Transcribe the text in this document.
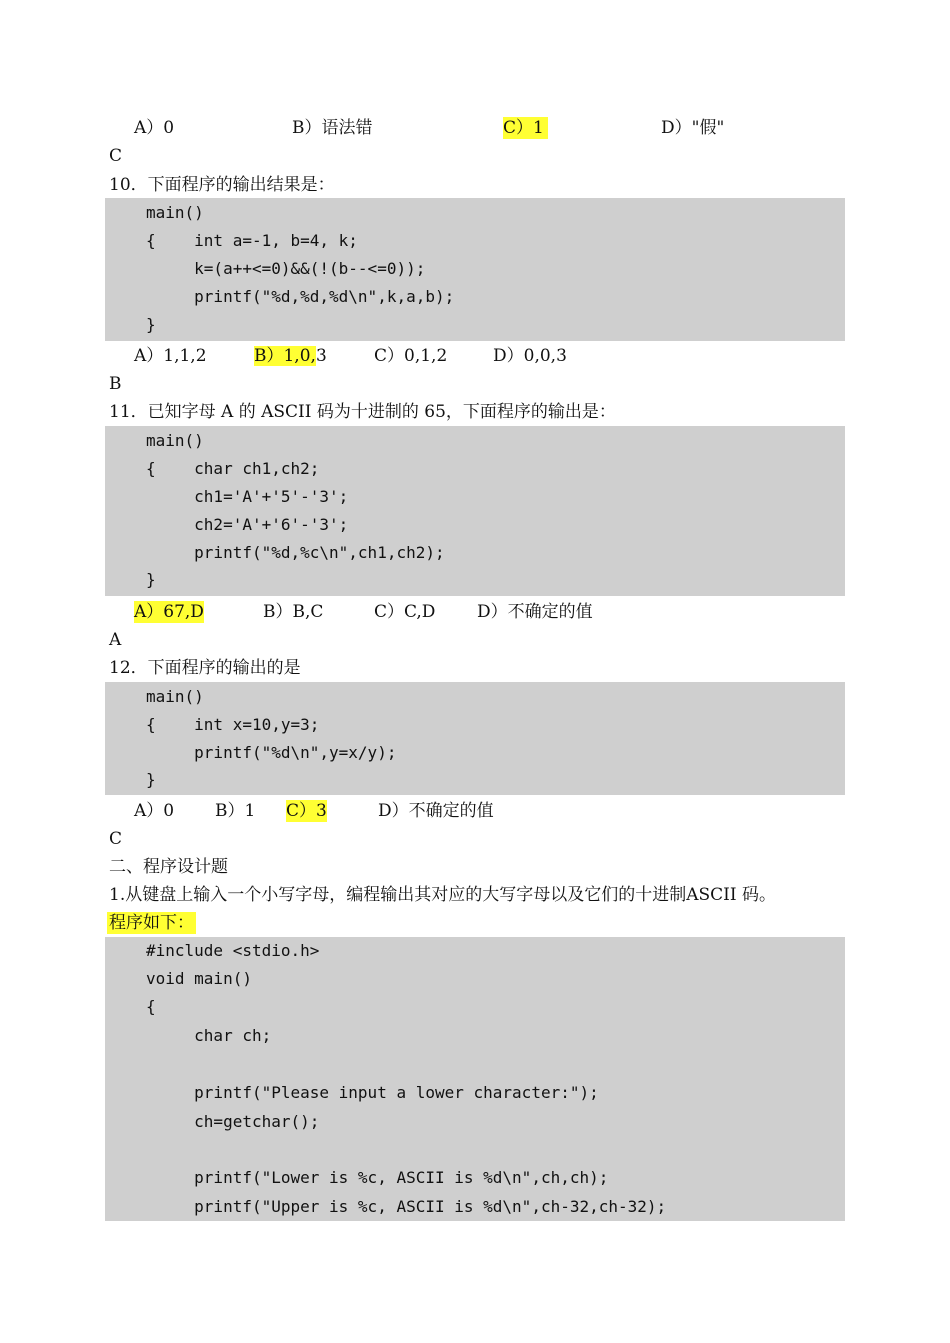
A）0	B）语法错	C）1	D）"假"
C
10．下面程序的输出结果是：
main()
{    int a=-1, b=4, k;
k=(a++<=0)&&(!(b--<=0));
printf("%d,%d,%d\n",k,a,b);
}
A）1,1,2	B）1,0,3	C）0,1,2	D）0,0,3
B
11．已知字母 A 的 ASCII 码为十进制的 65，下面程序的输出是：
main()
{    char ch1,ch2;
ch1='A'+'5'-'3';
ch2='A'+'6'-'3';
printf("%d,%c\n",ch1,ch2);
}
A）67,D	B）B,C	C）C,D D）不确定的值
A
12．下面程序的输出的是
main()
{    int x=10,y=3;
printf("%d\n",y=x/y);
}
A）0 B）1 C）3	D）不确定的值
C
二、程序设计题
1.从键盘上输入一个小写字母，编程输出其对应的大写字母以及它们的十进制ASCII 码。
程序如下：
#include <stdio.h>
void main()
{
char ch;
printf("Please input a lower character:");
ch=getchar();
printf("Lower is %c, ASCII is %d\n",ch,ch);
printf("Upper is %c, ASCII is %d\n",ch-32,ch-32);
